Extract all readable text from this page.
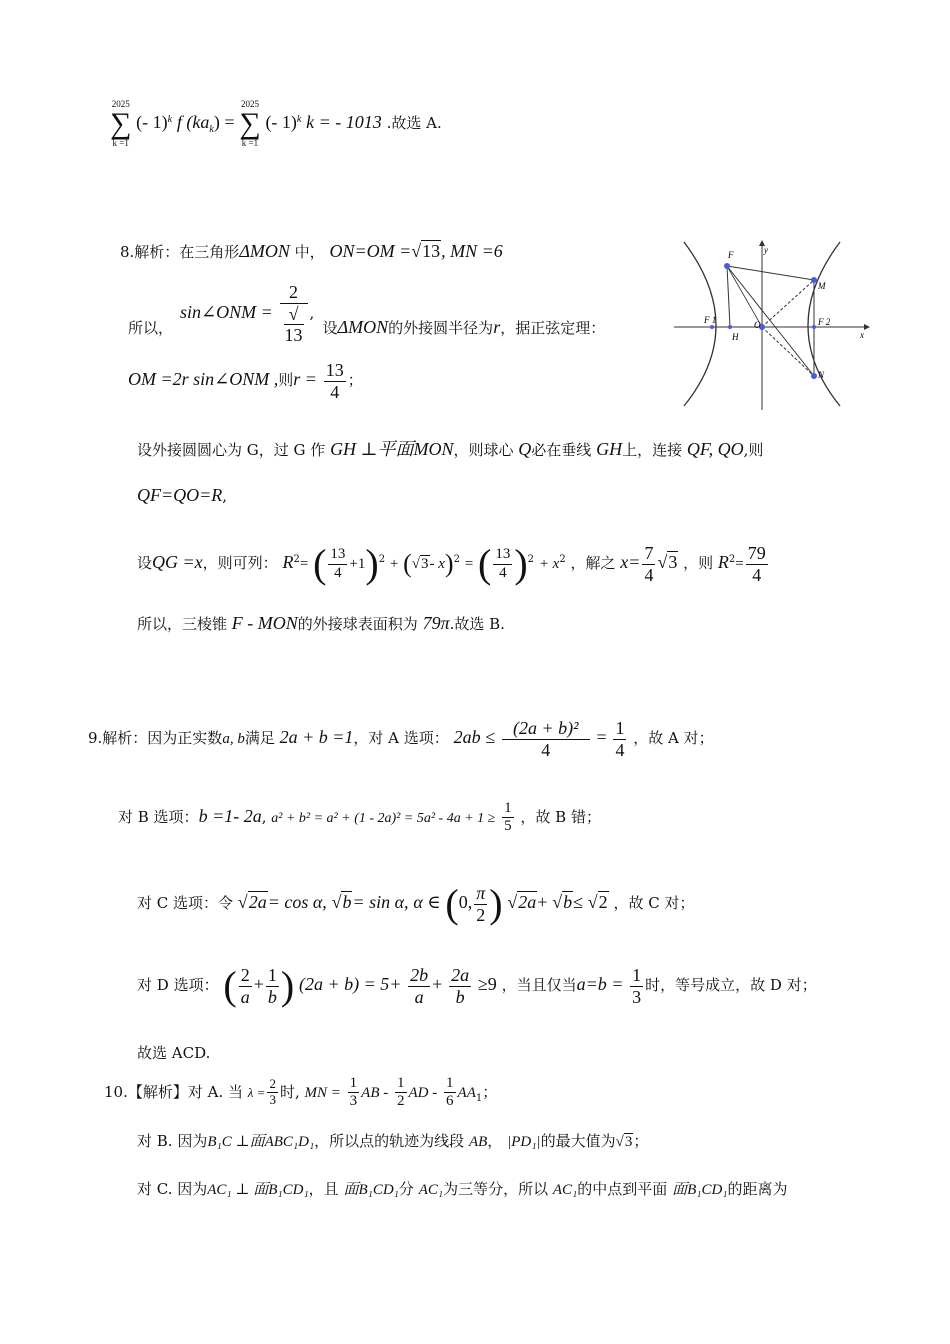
2025
∑
k =1
(- 1)$^k$ f $(ka_k)$ =
2025
∑
k =1
(- 1)$^k$ k = - 1013 .故选 A.
8.解析：在三角形ΔMON 中， ON=OM =√13, MN =6
sin∠ONM = 2
√
13 ,
所以，	设ΔMON的外接圆半径为r，据正弦定理：
OM =2r sin∠ONM ,则$r = \frac{13}{4}$ ；
设外接圆圆心为 G，过 G 作 GH ⊥平面MON，则球心 Q必在垂线 GH上，连接 QF, QO,则
QF=QO=R,
设QG =x，则可列： $R^2=$ ( $\frac{13}{4} +1)^2 + (√3-$ x)$^2$ = ( $\frac{13}{4} )^2 + x^2$ ，解之 $x= \frac{7}{4} √3$ ，则 $R^2= \frac{79}{4}$
所以，三棱锥 F - MON的外接球表面积为 79π.故选 B.
F	y
M
F 1	O	F 2
x
H
N
9.解析：因为正实数a, b满足 2a + b =1，对 A 选项： $2ab \le \frac{\text{(2a + b)²}}{4} = \frac{1}{4}$ ，故 A 对；
对 B 选项：b =1- 2a, $a^2 + b^2 = a^2 + (1 - 2a)^2 = 5a^2 - 4a + 1 \ge \frac{1}{5}$ ，故 B 错；
对 C 选项：令 √2a= cos α, √b= sin α, α ∈ (0, $\frac{\pi}{2}$ ) √2a+ √b≤ √2 ，故 C 对；
对 D 选项： ( $\frac{2}{a} + \frac{1}{b}$ ) $(2a + b) = 5+ \frac{2b}{a} + \frac{2a}{b} \ge 9$ ，当且仅当$a=b = \frac{1}{3}$ 时，等号成立，故 D 对；
故选 ACD.
10.【解析】对 A. 当 $\lambda = \frac{2}{3}$ 时, MN = $\frac{1}{3}$ AB - $\frac{1}{2}$ AD - $\frac{1}{6} AA_1$；
对 B. 因为B₁C ⊥面ABC₁D₁，所以点的轨迹为线段 AB， |PD₁|的最大值为√3；
对 C. 因为AC₁ ⊥ 面B₁CD₁，且 面B₁CD₁分 AC₁为三等分，所以 AC₁的中点到平面 面B₁CD₁的距离为
